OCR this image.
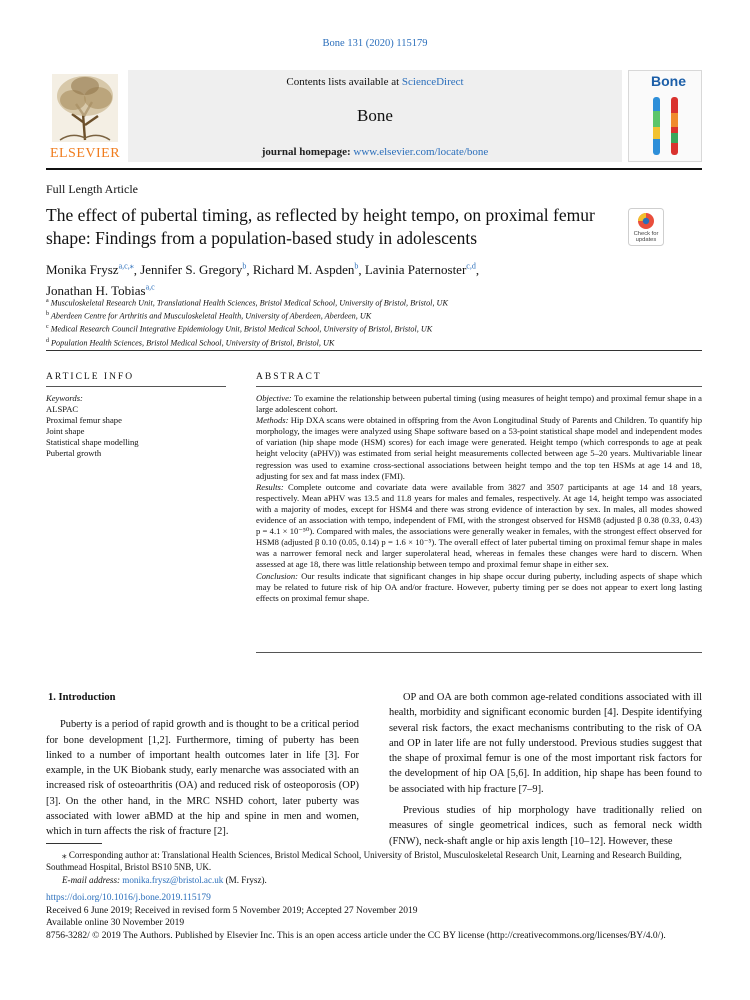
Bone 131 (2020) 115179
ELSEVIER
Contents lists available at ScienceDirect
Bone
journal homepage: www.elsevier.com/locate/bone
Bone
Full Length Article
The effect of pubertal timing, as reflected by height tempo, on proximal femur shape: Findings from a population-based study in adolescents	Check for updates
Monika Frysz$^{a,c,⁎}$, Jennifer S. Gregory$^b$, Richard M. Aspden$^b$, Lavinia Paternoster$^{c,d}$,
Jonathan H. Tobias$^{a,c}$
$^a$ Musculoskeletal Research Unit, Translational Health Sciences, Bristol Medical School, University of Bristol, Bristol, UK
$^b$ Aberdeen Centre for Arthritis and Musculoskeletal Health, University of Aberdeen, Aberdeen, UK
$^c$ Medical Research Council Integrative Epidemiology Unit, Bristol Medical School, University of Bristol, Bristol, UK
$^d$ Population Health Sciences, Bristol Medical School, University of Bristol, Bristol, UK
ARTICLE INFO
Keywords:
ALSPAC
Proximal femur shape
Joint shape
Statistical shape modelling
Pubertal growth
ABSTRACT

Objective: To examine the relationship between pubertal timing (using measures of height tempo) and proximal femur shape in a large adolescent cohort.

Methods: Hip DXA scans were obtained in offspring from the Avon Longitudinal Study of Parents and Children. To quantify hip morphology, the images were analyzed using Shape software based on a 53-point statistical shape model and independent modes of variation (hip shape mode (HSM) scores) for each image were generated. Height tempo (which corresponds to age at peak height velocity (aPHV)) was estimated from serial height measurements collected between age 5–20 years. Multivariable linear regression was used to examine cross-sectional associations between height tempo and the top ten HSMs at age 14 and 18, adjusting for sex and fat mass index (FMI).

Results: Complete outcome and covariate data were available from 3827 and 3507 participants at age 14 and 18 years, respectively. Mean aPHV was 13.5 and 11.8 years for males and females, respectively. At age 14, height tempo was associated with a majority of modes, except for HSM4 and there was strong evidence of interaction by sex. In males, all modes showed evidence of an association with tempo, independent of FMI, with the strongest observed for HSM8 (adjusted β 0.38 (0.33, 0.43) p = 4.1 × 10⁻⁵⁰). Compared with males, the associations were generally weaker in females, with the strongest effect observed for HSM8 (adjusted β 0.10 (0.05, 0.14) p = 1.6 × 10⁻⁵). The overall effect of later pubertal timing on proximal femur shape in males was a narrower femoral neck and larger superolateral head, whereas in females these changes were hard to discern. When assessed at age 18, there was little relationship between tempo and proximal femur shape in either sex.

Conclusion: Our results indicate that significant changes in hip shape occur during puberty, including aspects of shape which may be related to future risk of hip OA and/or fracture. However, puberty timing per se does not appear to exert long lasting effects on proximal femur shape.

1. Introduction

Puberty is a period of rapid growth and is thought to be a critical period for bone development [1,2]. Furthermore, timing of puberty has been linked to a number of important health outcomes later in life [3]. For example, in the UK Biobank study, early menarche was associated with an increased risk of osteoarthritis (OA) and reduced risk of osteoporosis (OP) [3]. On the other hand, in the MRC NSHD cohort, later puberty was associated with lower aBMD at the hip and spine in men and women, which in turn affects the risk of fracture [2].

OP and OA are both common age-related conditions associated with ill health, morbidity and significant economic burden [4]. Despite identifying several risk factors, the exact mechanisms contributing to the risk of OA and OP in later life are not fully understood. Previous studies suggest that the shape of proximal femur is one of the most important risk factors for the development of hip OA [5,6]. In addition, hip shape has been found to be associated with hip fracture [7–9].

Previous studies of hip morphology have traditionally relied on measures of single geometrical indices, such as femoral neck width (FNW), neck-shaft angle or hip axis length [10–12]. However, these

⁎ Corresponding author at: Translational Health Sciences, Bristol Medical School, University of Bristol, Musculoskeletal Research Unit, Learning and Research Building, Southmead Hospital, Bristol BS10 5NB, UK.
E-mail address: monika.frysz@bristol.ac.uk (M. Frysz).
https://doi.org/10.1016/j.bone.2019.115179
Received 6 June 2019; Received in revised form 5 November 2019; Accepted 27 November 2019
Available online 30 November 2019
8756-3282/ © 2019 The Authors. Published by Elsevier Inc. This is an open access article under the CC BY license (http://creativecommons.org/licenses/BY/4.0/).
